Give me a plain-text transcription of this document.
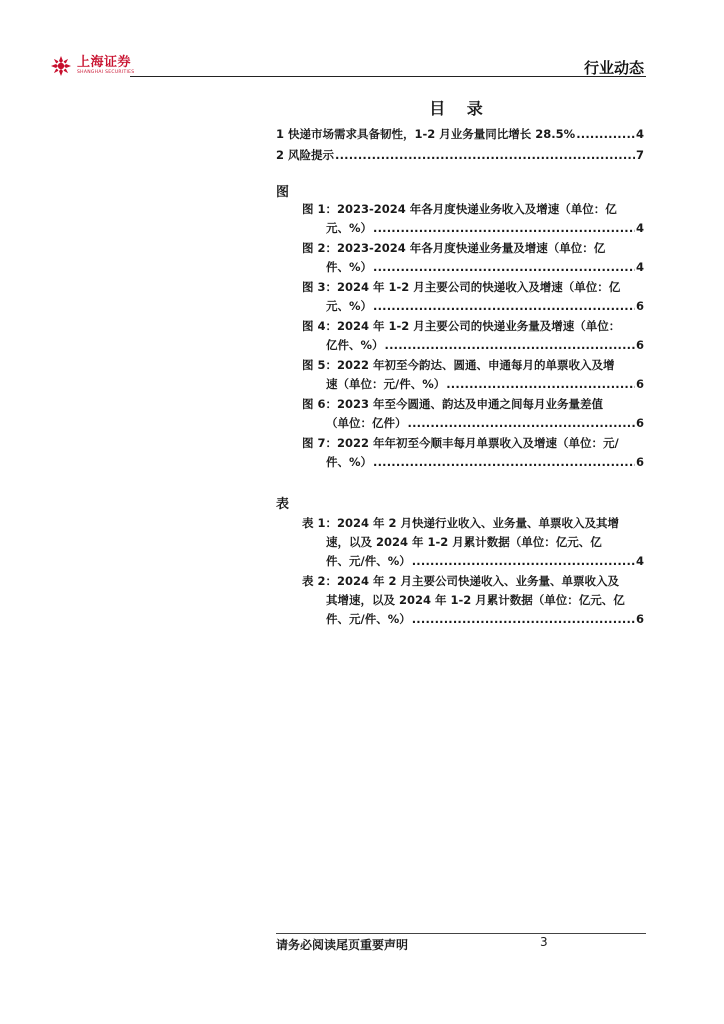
上海证券
SHANGHAI SECURITIES	行业动态
目 录
1 快递市场需求具备韧性，1-2 月业务量同比增长 28.5% .....	4
2 风险提示 .....	7
图
图 1：2023-2024 年各月度快递业务收入及增速（单位：亿
元、%） .....	4
图 2：2023-2024 年各月度快递业务量及增速（单位：亿
件、%） .....	4
图 3：2024 年 1-2 月主要公司的快递收入及增速（单位：亿
元、%） .....	6
图 4：2024 年 1-2 月主要公司的快递业务量及增速（单位：
亿件、%） .....	6
图 5：2022 年初至今韵达、圆通、申通每月的单票收入及增
速（单位：元/件、%） .....	6
图 6：2023 年至今圆通、韵达及申通之间每月业务量差值
（单位：亿件） .....	6
图 7：2022 年年初至今顺丰每月单票收入及增速（单位：元/
件、%） .....	6
表
表 1：2024 年 2 月快递行业收入、业务量、单票收入及其增
速，以及 2024 年 1-2 月累计数据（单位：亿元、亿
件、元/件、%） .....	4
表 2：2024 年 2 月主要公司快递收入、业务量、单票收入及
其增速，以及 2024 年 1-2 月累计数据（单位：亿元、亿
件、元/件、%） .....	6
请务必阅读尾页重要声明	3
